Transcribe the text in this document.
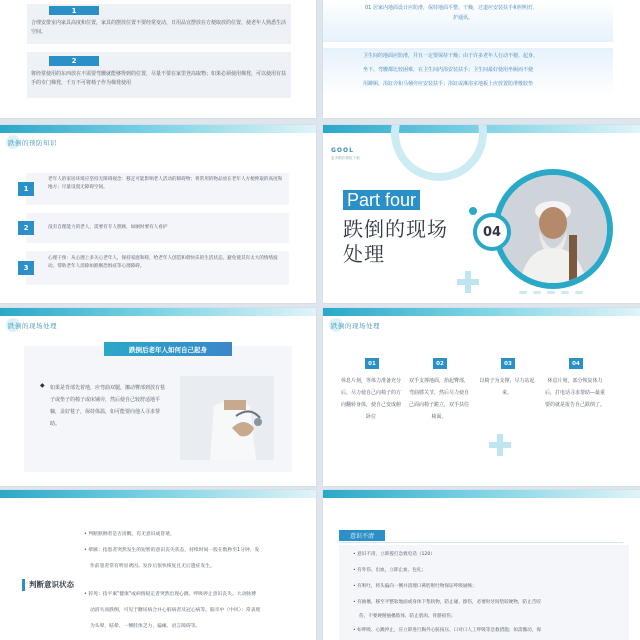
1
合理安排室内家具高度和位置，家具的摆放位置不要经常变动，日用品宜摆放在方便取放的位置，使老年人熟悉生活空间。
2
将经常使用的东西放在不需要弯腰就能够得到的位置，尽量不要在家里登高取物；如果必须使用梯凳，可以使用有扶手的专门梯凳，千万不可将椅子作为梯凳使用
01 居家内地面设计应防滑，保持地面平整、干燥，过道应安装扶手和照明灯，
护通讯。
卫生间的地面应防滑，并且一定要保持干燥；由于许多老年人行动不便、起身、
坐下、弯腰都比较困难，在卫生间内浴安装扶手；卫生间最好使用坐厕而不使
用蹲厕，浴缸旁和马桶旁应安装扶手；浴缸或淋浴室地板上应放置防滑橡胶垫
跌倒的预防知识
1
老年人的家居环境应坚持无障碍观念：移走可能影响老人活动的障碍物；将常用的物品放在老年人方便伸取的高度和地方；尽量设置无障碍空间。
2	没有自理能力的老人，需要有专人照顾，如厕时要有人看护
3
心理干预：从心理上多关心老年人，保持家庭和睦，给老年人创造和谐快乐的生活状态，避免使其有太大的情绪波动。帮助老年人消除如跌倒恐惧症等心理障碍。
GOOL
更多精彩模板下载
Part four
跌倒的现场
处理
04
跌倒的现场处理
跌倒后老年人如何自己起身
◆ 如果是背部先着地，应弯曲双腿，挪动臀部到放有毯子或垫子的椅子或床铺旁，然后使自己较舒适地平躺，盖好毯子，保持体温，如可能要向他人寻求帮助。
跌倒的现场处理
01
休息片刻，等体力准备充分后，尽力使自己向椅子的方向翻转身体，使自己变成俯卧位
02
双手支撑地面，抬起臀部，弯曲膝关节，然后尽力使自己面向椅子跪立，双手扶住椅面。
03
以椅子为支撑，尽力站起来。
04
休息片刻，部分恢复体力后，打电话寻求帮助—最重要的就是报告自己跌倒了。
判断意识状态
• 判断跌倒者是否清醒，有无意识或昏迷。
• 晕厥：指患者突然发生的短暂的意识丧失状态，持续时间一般在数秒至1分钟，发
作前患者常有明显诱因。发作后很快恢复且无后遗症发生。
• 猝死：指平素"健康"或病情稳定者突然出现心跳、呼吸停止意识丧失。大动脉搏
动消失而跌倒，可见于糖尿病合并心脏病者及冠心病等。脑卒中（中风）：常表现
为头晕、眩晕、一侧肢体乏力、偏瘫、语言障碍等。
意识不清
• 意识不清，立即拨打急救电话（120）
• 有外伤、出血，立即止血、包扎；
• 有呕吐，将头偏向一侧并清理口鼻腔呕吐物保证呼吸通畅；
• 有抽搐，移至平整软地面或身体下垫软物，防止碰、擦伤，必要时牙间垫较硬物，防止舌咬
伤，不要硬掰抽搐肢体，防止肌肉、骨骼损伤；
• 如呼吸、心跳停止，应立即进行胸外心脏按压、口对口人工呼吸等急救措施；如需搬动，保
